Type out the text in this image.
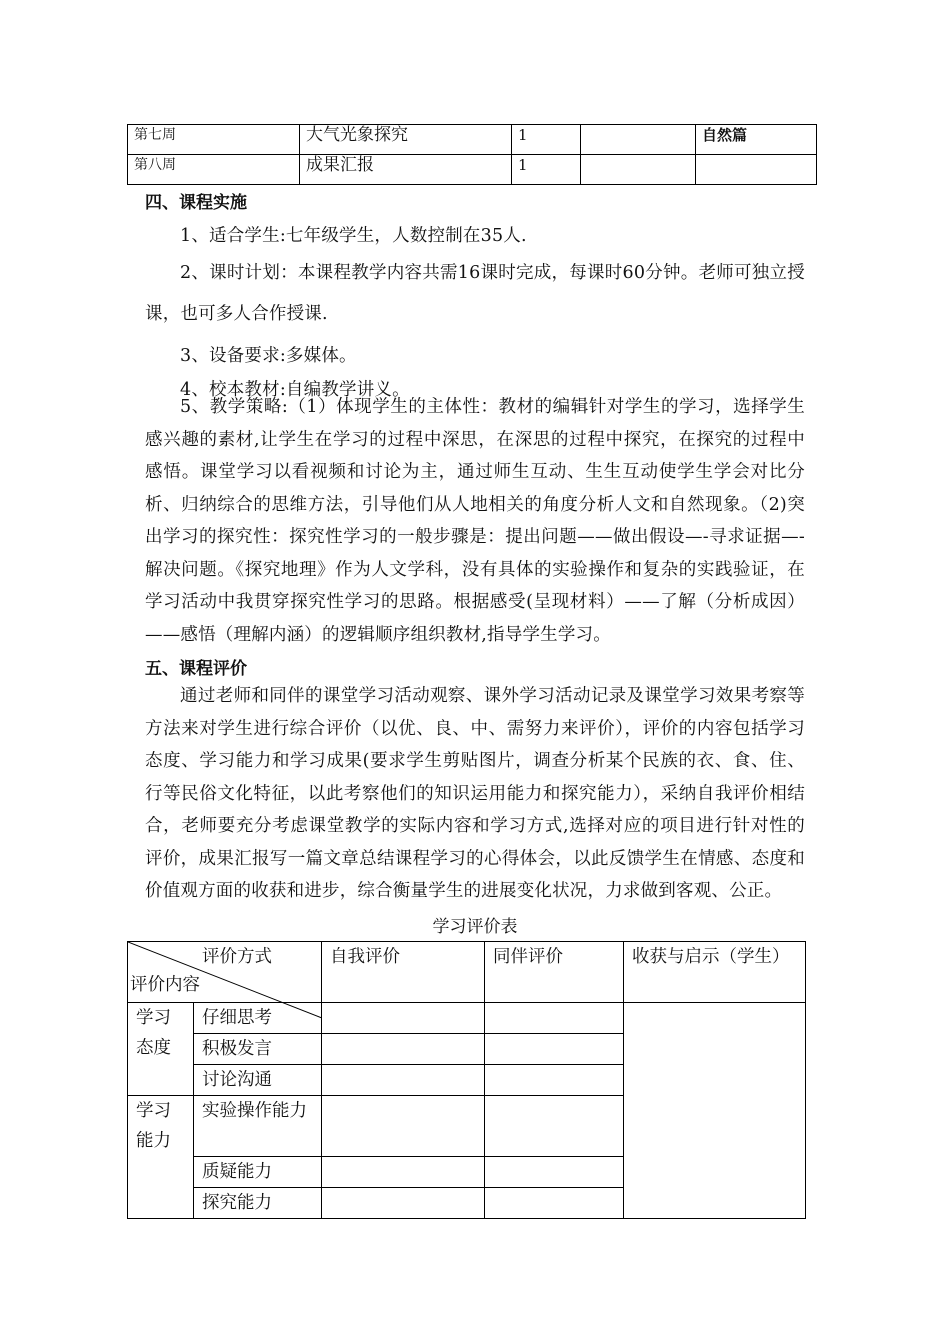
第七周	大气光象探究	1		自然篇
第八周	成果汇报	1		
四、课程实施

1、适合学生:七年级学生，人数控制在35人.

2、课时计划：本课程教学内容共需16课时完成，每课时60分钟。老师可独立授课，也可多人合作授课.

3、设备要求:多媒体。

4、校本教材:自编教学讲义。

5、教学策略:（1）体现学生的主体性：教材的编辑针对学生的学习，选择学生感兴趣的素材,让学生在学习的过程中深思，在深思的过程中探究，在探究的过程中感悟。课堂学习以看视频和讨论为主，通过师生互动、生生互动使学生学会对比分析、归纳综合的思维方法，引导他们从人地相关的角度分析人文和自然现象。（2)突出学习的探究性：探究性学习的一般步骤是：提出问题——做出假设—-寻求证据—-解决问题。《探究地理》作为人文学科，没有具体的实验操作和复杂的实践验证，在学习活动中我贯穿探究性学习的思路。根据感受(呈现材料）——了解（分析成因）——感悟（理解内涵）的逻辑顺序组织教材,指导学生学习。

五、课程评价

通过老师和同伴的课堂学习活动观察、课外学习活动记录及课堂学习效果考察等方法来对学生进行综合评价（以优、良、中、需努力来评价），评价的内容包括学习态度、学习能力和学习成果(要求学生剪贴图片，调查分析某个民族的衣、食、住、行等民俗文化特征，以此考察他们的知识运用能力和探究能力），采纳自我评价相结合，老师要充分考虑课堂教学的实际内容和学习方式,选择对应的项目进行针对性的评价，成果汇报写一篇文章总结课程学习的心得体会，以此反馈学生在情感、态度和价值观方面的收获和进步，综合衡量学生的进展变化状况，力求做到客观、公正。

学习评价表
评价方式
评价内容		自我评价	同伴评价	收获与启示（学生）
学习态度	仔细思考			
	积极发言			
	讨论沟通			
学习能力	实验操作能力			
	质疑能力			
	探究能力			
